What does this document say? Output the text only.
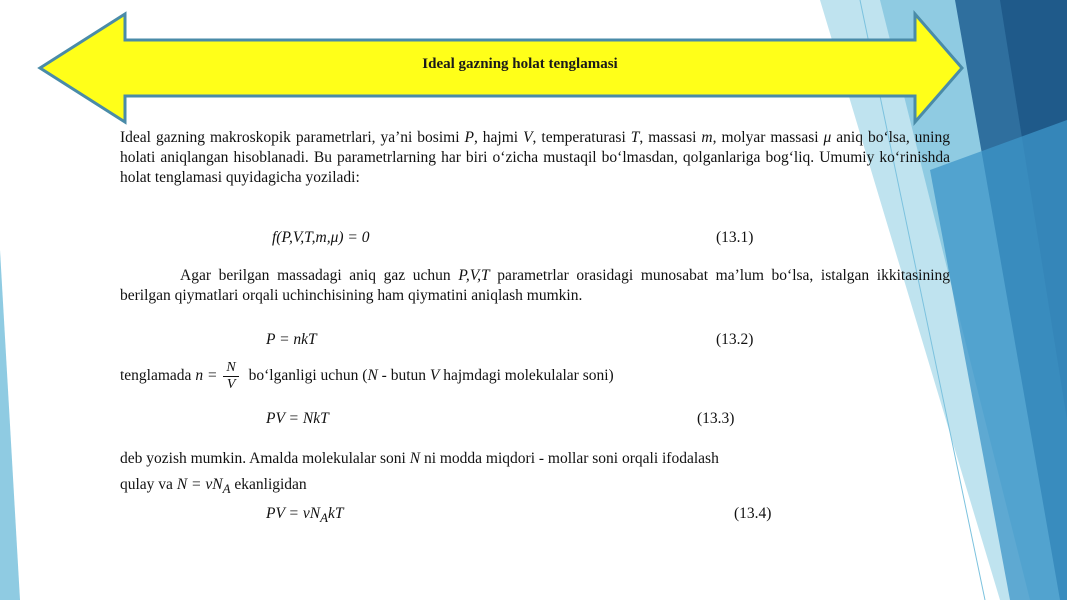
Ideal gazning holat tenglamasi
Ideal gazning makroskopik parametrlari, ya’ni bosimi P, hajmi V, temperaturasi T, massasi m, molyar massasi μ aniq bo‘lsa, uning holati aniqlangan hisoblanadi. Bu parametrlarning har biri o‘zicha mustaqil bo‘lmasdan, qolganlariga bog‘liq. Umumiy ko‘rinishda holat tenglamasi quyidagicha yoziladi:
f(P,V,T,m,μ) = 0	(13.1)
Agar berilgan massadagi aniq gaz uchun P,V,T parametrlar orasidagi munosabat ma’lum bo‘lsa, istalgan ikkitasining berilgan qiymatlari orqali uchinchisining ham qiymatini aniqlash mumkin.
P = nkT	(13.2)
tenglamada $n = \frac{N}{V}$ bo‘lganligi uchun (N - butun V hajmdagi molekulalar soni)
PV = NkT	(13.3)
deb yozish mumkin. Amalda molekulalar soni N ni modda miqdori - mollar soni orqali ifodalash
qulay va $N = \nu N_A$ ekanligidan
PV = $\nu N_AkT$	(13.4)
